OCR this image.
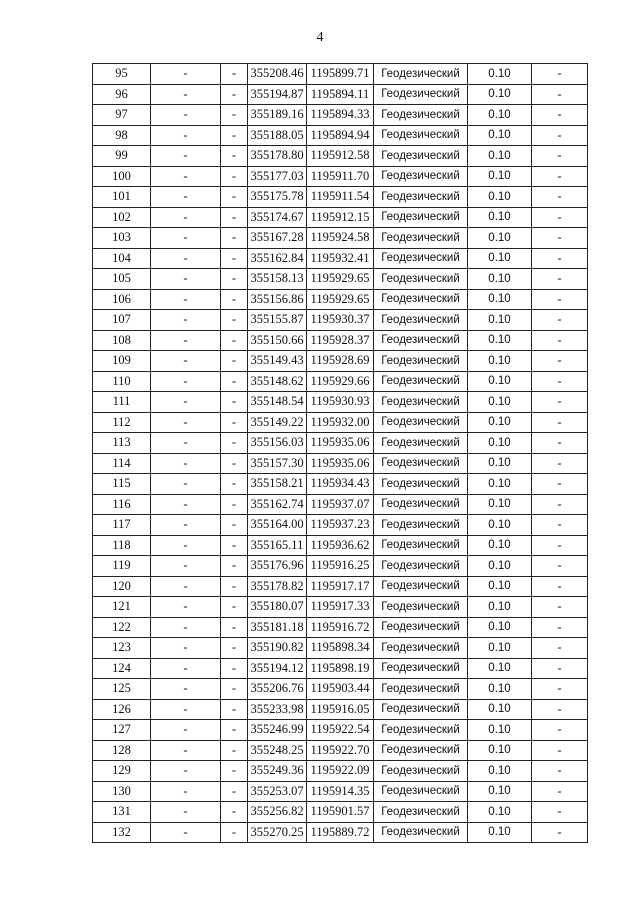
4
95	-	-	355208.46	1195899.71	Геодезический	0.10	-
96	-	-	355194.87	1195894.11	Геодезический	0.10	-
97	-	-	355189.16	1195894.33	Геодезический	0.10	-
98	-	-	355188.05	1195894.94	Геодезический	0.10	-
99	-	-	355178.80	1195912.58	Геодезический	0.10	-
100	-	-	355177.03	1195911.70	Геодезический	0.10	-
101	-	-	355175.78	1195911.54	Геодезический	0.10	-
102	-	-	355174.67	1195912.15	Геодезический	0.10	-
103	-	-	355167.28	1195924.58	Геодезический	0.10	-
104	-	-	355162.84	1195932.41	Геодезический	0.10	-
105	-	-	355158.13	1195929.65	Геодезический	0.10	-
106	-	-	355156.86	1195929.65	Геодезический	0.10	-
107	-	-	355155.87	1195930.37	Геодезический	0.10	-
108	-	-	355150.66	1195928.37	Геодезический	0.10	-
109	-	-	355149.43	1195928.69	Геодезический	0.10	-
110	-	-	355148.62	1195929.66	Геодезический	0.10	-
111	-	-	355148.54	1195930.93	Геодезический	0.10	-
112	-	-	355149.22	1195932.00	Геодезический	0.10	-
113	-	-	355156.03	1195935.06	Геодезический	0.10	-
114	-	-	355157.30	1195935.06	Геодезический	0.10	-
115	-	-	355158.21	1195934.43	Геодезический	0.10	-
116	-	-	355162.74	1195937.07	Геодезический	0.10	-
117	-	-	355164.00	1195937.23	Геодезический	0.10	-
118	-	-	355165.11	1195936.62	Геодезический	0.10	-
119	-	-	355176.96	1195916.25	Геодезический	0.10	-
120	-	-	355178.82	1195917.17	Геодезический	0.10	-
121	-	-	355180.07	1195917.33	Геодезический	0.10	-
122	-	-	355181.18	1195916.72	Геодезический	0.10	-
123	-	-	355190.82	1195898.34	Геодезический	0.10	-
124	-	-	355194.12	1195898.19	Геодезический	0.10	-
125	-	-	355206.76	1195903.44	Геодезический	0.10	-
126	-	-	355233.98	1195916.05	Геодезический	0.10	-
127	-	-	355246.99	1195922.54	Геодезический	0.10	-
128	-	-	355248.25	1195922.70	Геодезический	0.10	-
129	-	-	355249.36	1195922.09	Геодезический	0.10	-
130	-	-	355253.07	1195914.35	Геодезический	0.10	-
131	-	-	355256.82	1195901.57	Геодезический	0.10	-
132	-	-	355270.25	1195889.72	Геодезический	0.10	-
